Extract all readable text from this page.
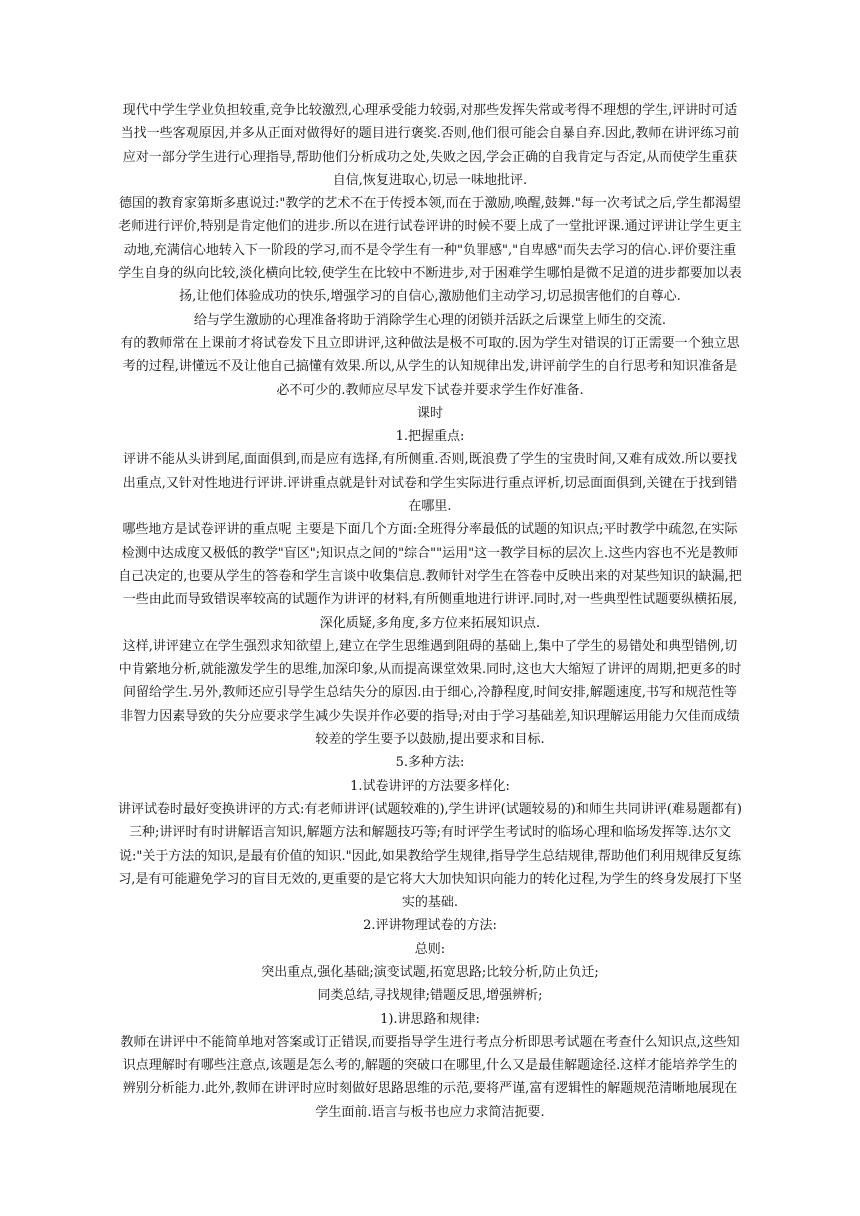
现代中学生学业负担较重,竞争比较激烈,心理承受能力较弱,对那些发挥失常或考得不理想的学生,评讲时可适当找一些客观原因,并多从正面对做得好的题目进行褒奖.否则,他们很可能会自暴自弃.因此,教师在讲评练习前应对一部分学生进行心理指导,帮助他们分析成功之处,失败之因,学会正确的自我肯定与否定,从而使学生重获自信,恢复进取心,切忌一味地批评.

德国的教育家第斯多惠说过:"教学的艺术不在于传授本领,而在于激励,唤醒,鼓舞."每一次考试之后,学生都渴望老师进行评价,特别是肯定他们的进步.所以在进行试卷评讲的时候不要上成了一堂批评课.通过评讲让学生更主动地,充满信心地转入下一阶段的学习,而不是令学生有一种"负罪感","自卑感"而失去学习的信心.评价要注重学生自身的纵向比较,淡化横向比较,使学生在比较中不断进步,对于困难学生哪怕是微不足道的进步都要加以表扬,让他们体验成功的快乐,增强学习的自信心,激励他们主动学习,切忌损害他们的自尊心.

给与学生激励的心理准备将助于消除学生心理的闭锁并活跃之后课堂上师生的交流.

有的教师常在上课前才将试卷发下且立即讲评,这种做法是极不可取的.因为学生对错误的订正需要一个独立思考的过程,讲懂远不及让他自己搞懂有效果.所以,从学生的认知规律出发,讲评前学生的自行思考和知识准备是必不可少的.教师应尽早发下试卷并要求学生作好准备.

课时

1.把握重点:

评讲不能从头讲到尾,面面俱到,而是应有选择,有所侧重.否则,既浪费了学生的宝贵时间,又难有成效.所以要找出重点,又针对性地进行评讲.评讲重点就是针对试卷和学生实际进行重点评析,切忌面面俱到,关键在于找到错在哪里.

哪些地方是试卷评讲的重点呢 主要是下面几个方面:全班得分率最低的试题的知识点;平时教学中疏忽,在实际检测中达成度又极低的教学"盲区";知识点之间的"综合""运用"这一教学目标的层次上.这些内容也不光是教师自己决定的,也要从学生的答卷和学生言谈中收集信息.教师针对学生在答卷中反映出来的对某些知识的缺漏,把一些由此而导致错误率较高的试题作为讲评的材料,有所侧重地进行讲评.同时,对一些典型性试题要纵横拓展,深化质疑,多角度,多方位来拓展知识点.

这样,讲评建立在学生强烈求知欲望上,建立在学生思维遇到阻碍的基础上,集中了学生的易错处和典型错例,切中肯綮地分析,就能激发学生的思维,加深印象,从而提高课堂效果.同时,这也大大缩短了讲评的周期,把更多的时间留给学生.另外,教师还应引导学生总结失分的原因.由于细心,冷静程度,时间安排,解题速度,书写和规范性等非智力因素导致的失分应要求学生减少失误并作必要的指导;对由于学习基础差,知识理解运用能力欠佳而成绩较差的学生要予以鼓励,提出要求和目标.

5.多种方法:

1.试卷讲评的方法要多样化:

讲评试卷时最好变换讲评的方式:有老师讲评(试题较难的),学生讲评(试题较易的)和师生共同讲评(难易题都有)三种;讲评时有时讲解语言知识,解题方法和解题技巧等;有时评学生考试时的临场心理和临场发挥等.达尔文说:"关于方法的知识,是最有价值的知识."因此,如果教给学生规律,指导学生总结规律,帮助他们利用规律反复练习,是有可能避免学习的盲目无效的,更重要的是它将大大加快知识向能力的转化过程,为学生的终身发展打下坚实的基础.

2.评讲物理试卷的方法:

总则:

突出重点,强化基础;演变试题,拓宽思路;比较分析,防止负迁;

同类总结,寻找规律;错题反思,增强辨析;

1).讲思路和规律:

教师在讲评中不能简单地对答案或订正错误,而要指导学生进行考点分析即思考试题在考查什么知识点,这些知识点理解时有哪些注意点,该题是怎么考的,解题的突破口在哪里,什么又是最佳解题途径.这样才能培养学生的辨别分析能力.此外,教师在讲评时应时刻做好思路思维的示范,要将严谨,富有逻辑性的解题规范清晰地展现在学生面前.语言与板书也应力求简洁扼要.
